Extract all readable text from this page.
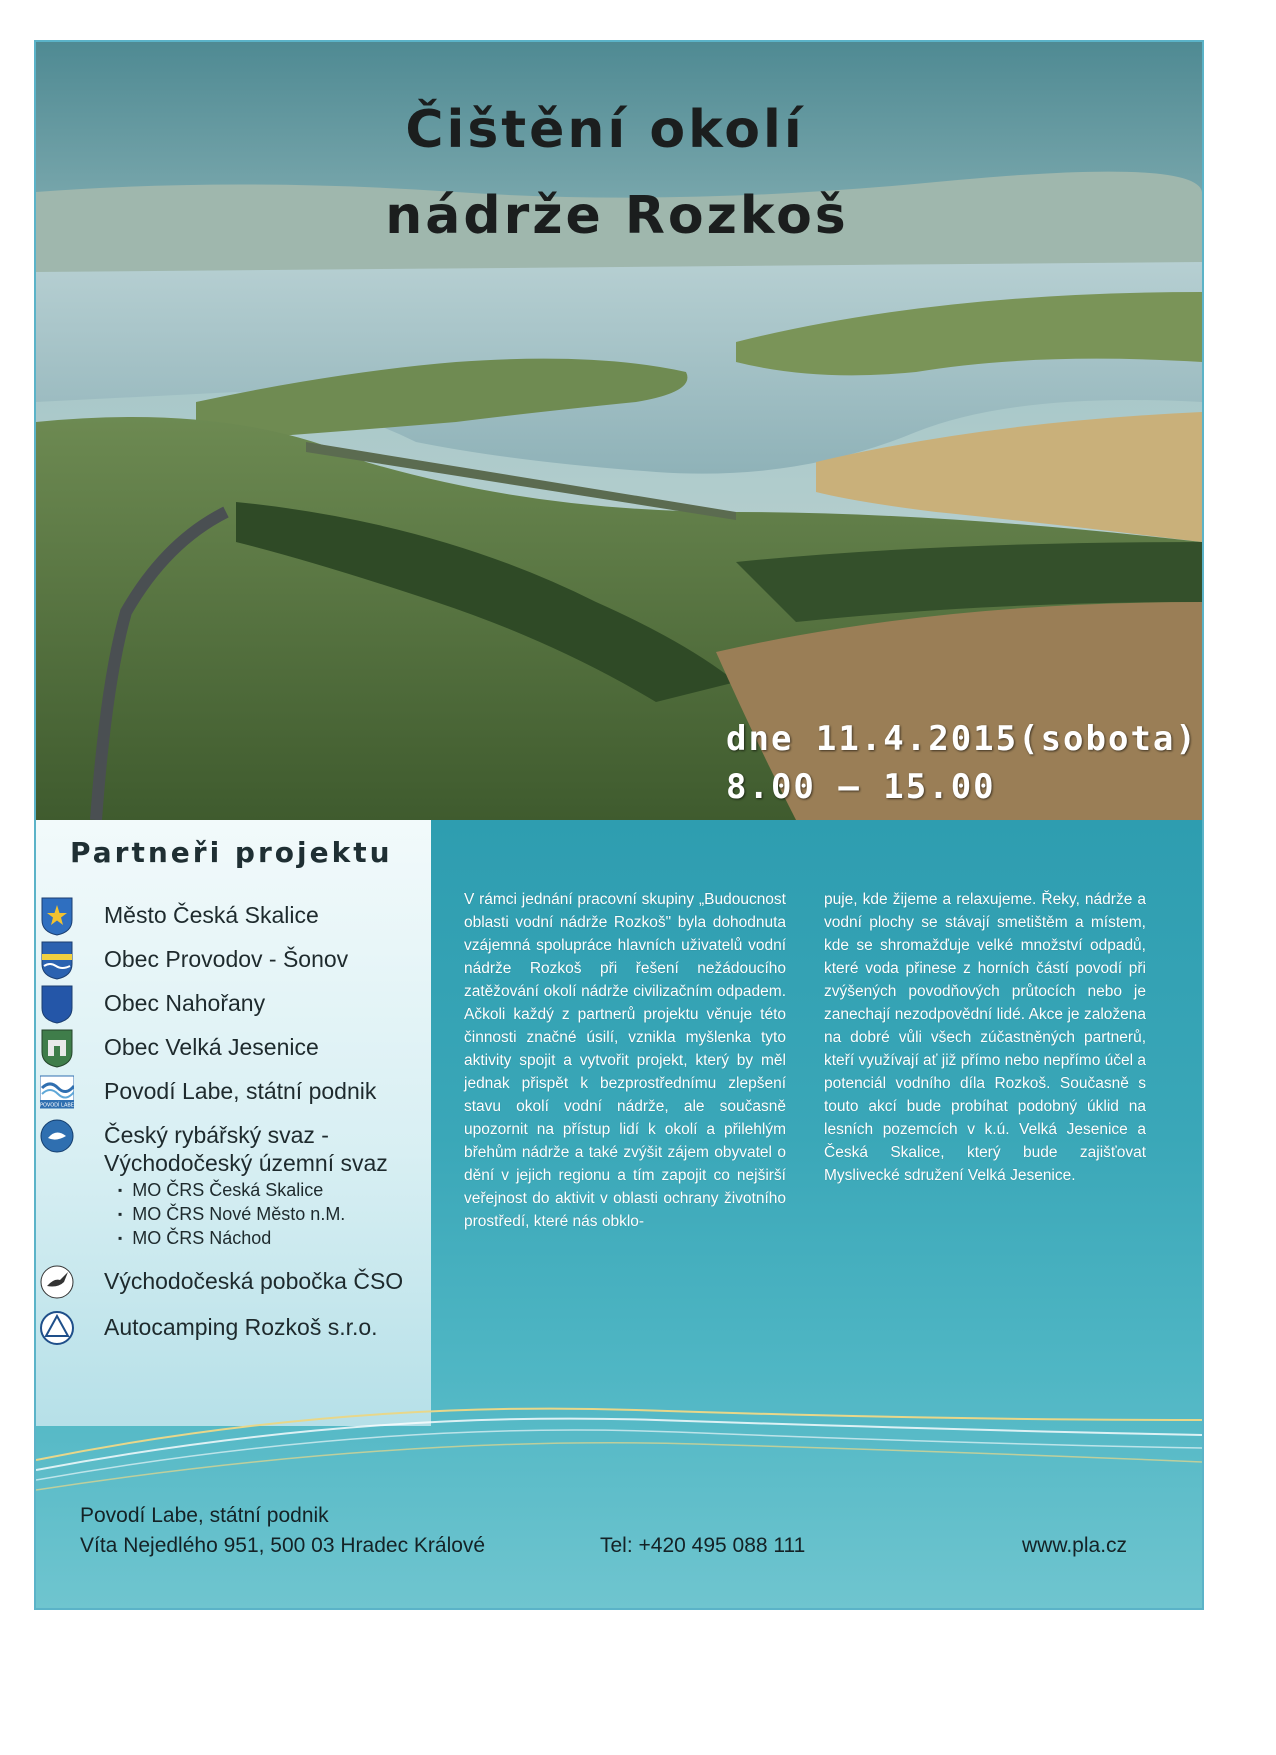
Čištění okolí
nádrže Rozkoš
dne 11.4.2015(sobota)
8.00 – 15.00
Partneři projektu
Město Česká Skalice
Obec Provodov - Šonov
Obec Nahořany
Obec Velká Jesenice
POVODÍ LABE
Povodí Labe, státní podnik
Český rybářský svaz -
Východočeský územní svaz
▪ MO ČRS Česká Skalice
▪ MO ČRS Nové Město n.M.
▪ MO ČRS Náchod
Východočeská pobočka ČSO
Autocamping Rozkoš s.r.o.
V rámci jednání pracovní skupiny „Budoucnost oblasti vodní nádrže Rozkoš" byla dohodnuta vzájemná spolupráce hlavních uživatelů vodní nádrže Rozkoš při řešení nežádoucího zatěžování okolí nádrže civilizačním odpadem. Ačkoli každý z partnerů projektu věnuje této činnosti značné úsilí, vznikla myšlenka tyto aktivity spojit a vytvořit projekt, který by měl jednak přispět k bezprostřednímu zlepšení stavu okolí vodní nádrže, ale současně upozornit na přístup lidí k okolí a přilehlým břehům nádrže a také zvýšit zájem obyvatel o dění v jejich regionu a tím zapojit co nejširší veřejnost do aktivit v oblasti ochrany životního prostředí, které nás obklo-
puje, kde žijeme a relaxujeme. Řeky, nádrže a vodní plochy se stávají smetištěm a místem, kde se shromažďuje velké množství odpadů, které voda přinese z horních částí povodí při zvýšených povodňových průtocích nebo je zanechají nezodpovědní lidé. Akce je založena na dobré vůli všech zúčastněných partnerů, kteří využívají ať již přímo nebo nepřímo účel a potenciál vodního díla Rozkoš. Současně s touto akcí bude probíhat podobný úklid na lesních pozemcích v k.ú. Velká Jesenice a Česká Skalice, který bude zajišťovat Myslivecké sdružení Velká Jesenice.
Povodí Labe, státní podnik
Víta Nejedlého 951, 500 03 Hradec Králové	Tel: +420 495 088 111	www.pla.cz
